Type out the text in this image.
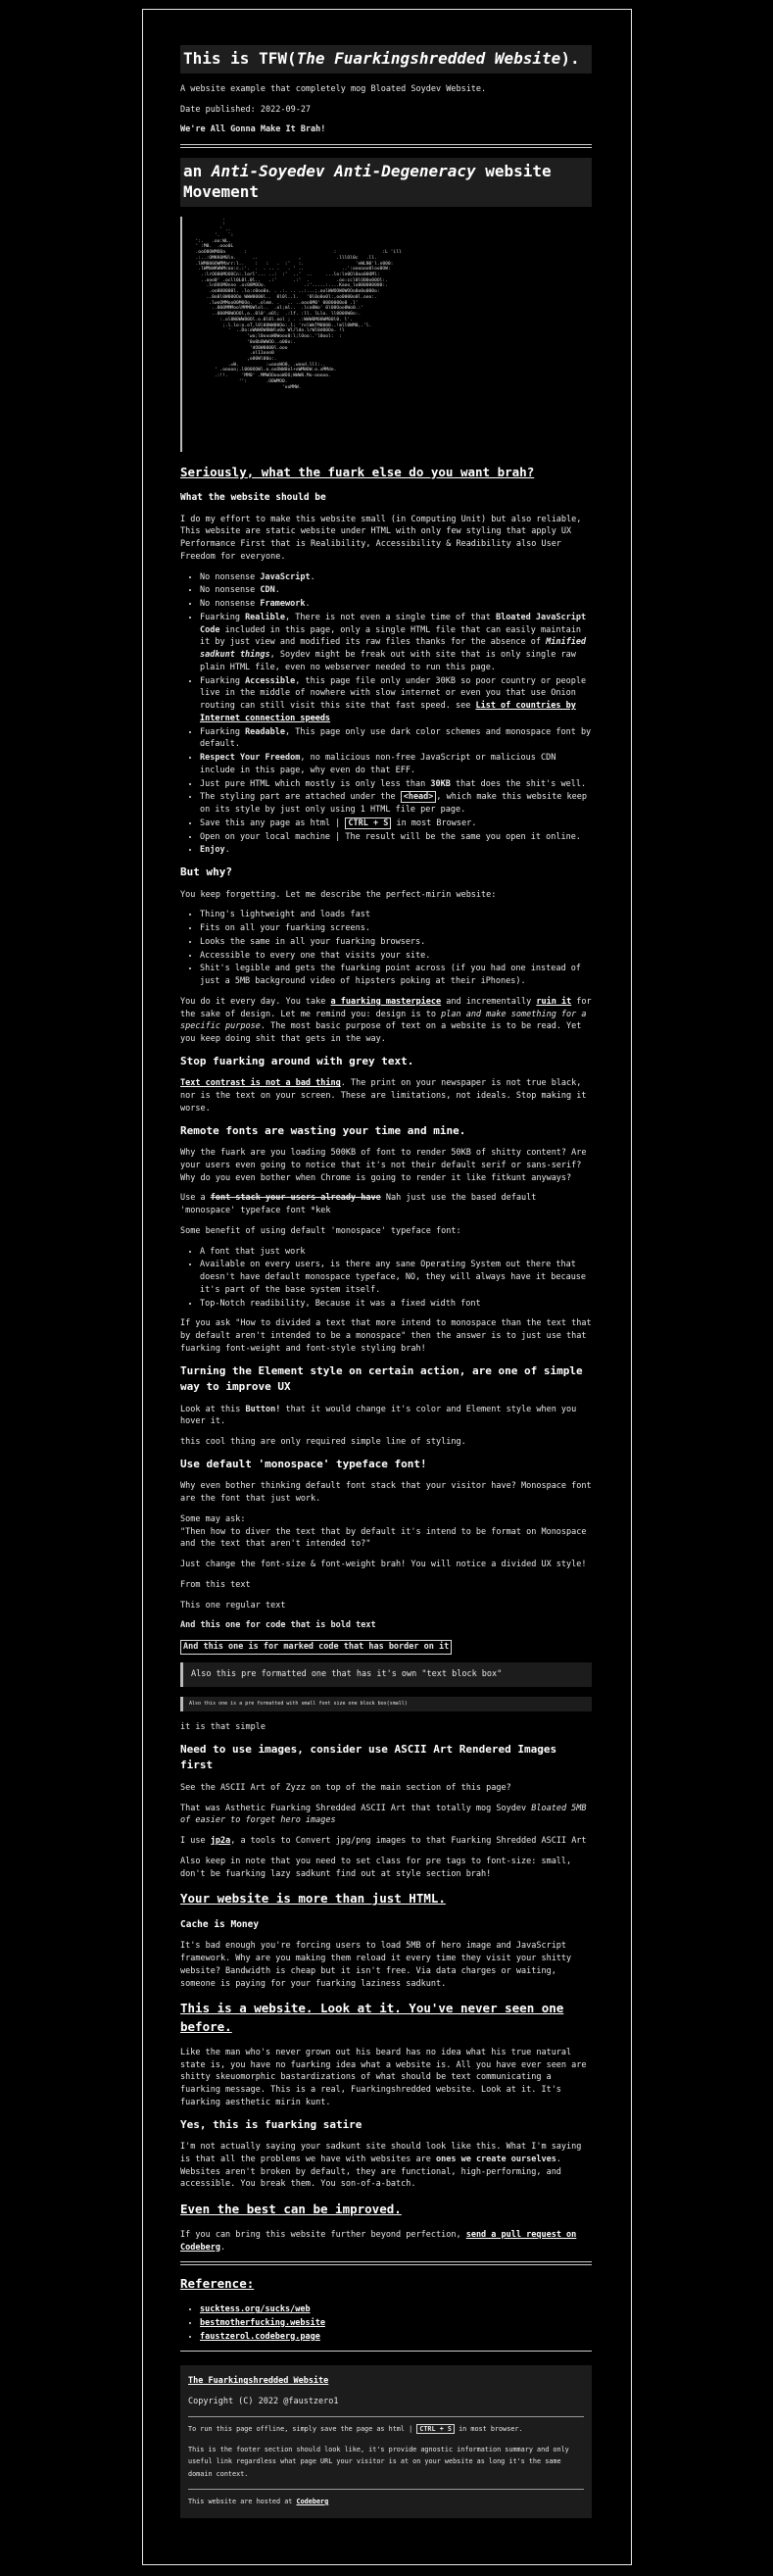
This is TFW(The Fuarkingshredded Website).

A website example that completely mog Bloated Soydev Website.

Date published: 2022-09-27

We're All Gonna Make It Brah!

an Anti-Soyedev Anti-Degeneracy website Movement
.
:
' ..
'.   `:
':.   .oo:WL.
' :M0.  .ooo0L
.ooO0OWMO0a       :                                :                 :L 'ill
.:..:OMKK0M0ln.      ..               ,             .lllOl0c   .ll.
.lWM000OWMMarr:l..    :   :   .  :'   :.                   'eWLN0'l.n000:
.lWMbWKWWMcoo:c.:'.  .  . .. .   . ' ..              ..':oooooo0loo0OW:
.:lrOO00MOOOCn:.lorl'... ..:  :'  ..'  ..     ...lo:ln0Ol0oo00OMl:
..ooo0' .ocll0L0l.0l..   .:'      .:'  .          .oo:ccl0lO00o00Ol:.
.lnOOOM0nno .oc00MOOo.              .:'.....:....Kaoo_lo000000000:.
.oo000000l. .lo:c0oo0o. . .:. .. ..:...;.oolWWOOW0WOOo0o0o000o:
..0o0l0W000Oo WWW0000l..  0l0l..l.   '0l0o0o0l:,oo0000o0l.ooo:.
.lwoOMMoo00M0Oo.  .olmm. .   .. ..ooo0M0' 0000000o0 .l'
..000MMMoolMMM0Wlol..  .ol;ml..  .lco0Wo' 0l00Ooo0Wo0.:'
..000M0WOOOl,o..0l0'.oOl;  .:lf. :ll. lLlo. ll000OW0o:.
:.ol0W0WW00Ol.o.0l0l.ool ; . .:WWW0M00WM00l0. l'.
;.l.lo:o.oT,l0l00WW00Oo:.l; 'rolWmTM0000..!mll0WM0,.'l.
'  ..Do:oWWW0W0WWlo0o Wl/ldo.lrWl0d00Oo. !l
'wo;l0oooW0Wooo0:l;lOoo:.'l0ool:  :
'0o0b0WWOO..o00o:.
'dO0W0000l.ooo
.ol11ooo0
,o00Wl00o:.
.=W.          :=oooWO0, .wood.lll:..
' .ooooo;.l000OOWl.o.ooOWW0ol+oWMW0W.o.xMMde.
.:!!.     'MM0' .MMWOOoooWOO;WWW0.Mo-ooooo.
'':       .O0WMO0.
'ooMMW.
Seriously, what the fuark else do you want brah?
What the website should be

I do my effort to make this website small (in Computing Unit) but also reliable, This website are static website under HTML with only few styling that apply UX Performance First that is Realibility, Accessibility & Readibility also User Freedom for everyone.

• No nonsense JavaScript.
• No nonsense CDN.
• No nonsense Framework.
• Fuarking Realible, There is not even a single time of that Bloated JavaScript Code included in this page, only a single HTML file that can easily maintain it by just view and modified its raw files thanks for the absence of Minified sadkunt things, Soydev might be freak out with site that is only single raw plain HTML file, even no webserver needed to run this page.
• Fuarking Accessible, this page file only under 30KB so poor country or people live in the middle of nowhere with slow internet or even you that use Onion routing can still visit this site that fast speed. see List of countries by Internet connection speeds
• Fuarking Readable, This page only use dark color schemes and monospace font by default.
• Respect Your Freedom, no malicious non-free JavaScript or malicious CDN include in this page, why even do that EFF.
• Just pure HTML which mostly is only less than 30KB that does the shit's well.
• The styling part are attached under the <head> , which make this website keep on its style by just only using 1 HTML file per page.
• Save this any page as html | CTRL + S in most Browser.
• Open on your local machine | The result will be the same you open it online.
• Enjoy.
But why?

You keep forgetting. Let me describe the perfect-mirin website:

• Thing's lightweight and loads fast
• Fits on all your fuarking screens.
• Looks the same in all your fuarking browsers.
• Accessible to every one that visits your site.
• Shit's legible and gets the fuarking point across (if you had one instead of just a 5MB background video of hipsters poking at their iPhones).

You do it every day. You take a fuarking masterpiece and incrementally ruin it for the sake of design. Let me remind you: design is to plan and make something for a specific purpose. The most basic purpose of text on a website is to be read. Yet you keep doing shit that gets in the way.

Stop fuarking around with grey text.

Text contrast is not a bad thing. The print on your newspaper is not true black, nor is the text on your screen. These are limitations, not ideals. Stop making it worse.

Remote fonts are wasting your time and mine.

Why the fuark are you loading 500KB of font to render 50KB of shitty content? Are your users even going to notice that it's not their default serif or sans-serif? Why do you even bother when Chrome is going to render it like fitkunt anyways?

Use a font stack your users already have Nah just use the based default 'monospace' typeface font *kek

Some benefit of using default 'monospace' typeface font:

• A font that just work
• Available on every users, is there any sane Operating System out there that doesn't have default monospace typeface, NO, they will always have it because it's part of the base system itself.
• Top-Notch readibility, Because it was a fixed width font

If you ask "How to divided a text that more intend to monospace than the text that by default aren't intended to be a monospace" then the answer is to just use that fuarking font-weight and font-style styling brah!

Turning the Element style on certain action, are one of simple way to improve UX

Look at this Button! that it would change it's color and Element style when you hover it.

this cool thing are only required simple line of styling.

Use default 'monospace' typeface font!

Why even bother thinking default font stack that your visitor have? Monospace font are the font that just work.

Some may ask:

"Then how to diver the text that by default it's intend to be format on Monospace and the text that aren't intended to?"

Just change the font-size & font-weight brah! You will notice a divided UX style!

From this text

This one regular text

And this one for code that is bold text

And this one is for marked code that has border on it

Also this pre formatted one that has it's own "text block box"
Also this one is a pre formatted with small font size one block box(small)

it is that simple

Need to use images, consider use ASCII Art Rendered Images first

See the ASCII Art of Zyzz on top of the main section of this page?

That was Asthetic Fuarking Shredded ASCII Art that totally mog Soydev Bloated 5MB of easier to forget hero images

I use jp2a, a tools to Convert jpg/png images to that Fuarking Shredded ASCII Art

Also keep in note that you need to set class for pre tags to font-size: small, don't be fuarking lazy sadkunt find out at style section brah!

Your website is more than just HTML.
Cache is Money

It's bad enough you're forcing users to load 5MB of hero image and JavaScript framework. Why are you making them reload it every time they visit your shitty website? Bandwidth is cheap but it isn't free. Via data charges or waiting, someone is paying for your fuarking laziness sadkunt.

This is a website. Look at it. You've never seen one before.

Like the man who's never grown out his beard has no idea what his true natural state is, you have no fuarking idea what a website is. All you have ever seen are shitty skeuomorphic bastardizations of what should be text communicating a fuarking message. This is a real, Fuarkingshredded website. Look at it. It's fuarking aesthetic mirin kunt.

Yes, this is fuarking satire

I'm not actually saying your sadkunt site should look like this. What I'm saying is that all the problems we have with websites are ones we create ourselves. Websites aren't broken by default, they are functional, high-performing, and accessible. You break them. You son-of-a-batch.

Even the best can be improved.

If you can bring this website further beyond perfection, send a pull request on Codeberg.

Reference:
• sucktess.org/sucks/web
• bestmotherfucking.website
• faustzerol.codeberg.page

The Fuarkingshredded Website

Copyright (C) 2022 @faustzero1

To run this page offline, simply save the page as html | CTRL + S in most browser.

This is the footer section should look like, it's provide agnostic information summary and only useful link regardless what page URL your visitor is at on your website as long it's the same domain context.

This website are hosted at Codeberg
